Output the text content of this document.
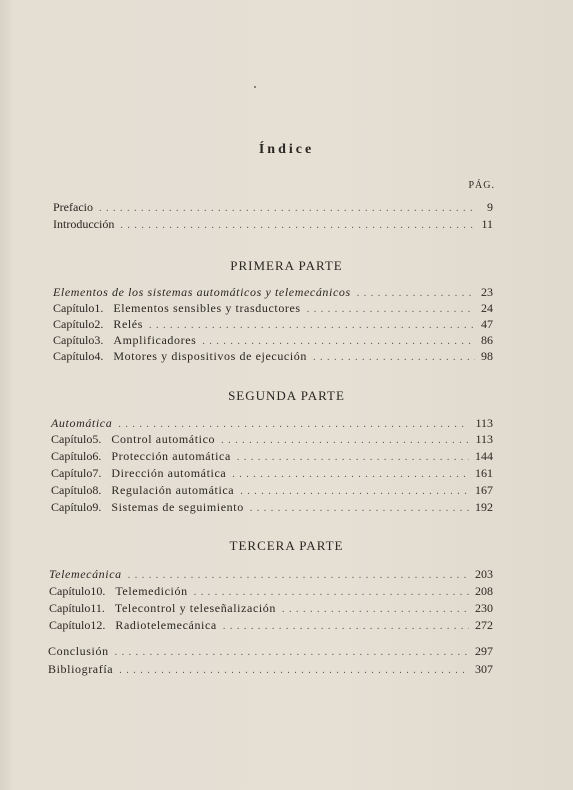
Índice
PÁG.
Prefacio . . .	9
Introducción . . .	11
PRIMERA PARTE
Elementos de los sistemas automáticos y telemecánicos . . .	23
Capítulo 1. Elementos sensibles y trasductores . . .	24
Capítulo 2. Relés . . .	47
Capítulo 3. Amplificadores . . .	86
Capítulo 4. Motores y dispositivos de ejecución . . .	98
SEGUNDA PARTE
Automática . . .	113
Capítulo 5. Control automático . . .	113
Capítulo 6. Protección automática . . .	144
Capítulo 7. Dirección automática . . .	161
Capítulo 8. Regulación automática . . .	167
Capítulo 9. Sistemas de seguimiento . . .	192
TERCERA PARTE
Telemecánica . . .	203
Capítulo 10. Telemedición . . .	208
Capítulo 11. Telecontrol y teleseñalización . . .	230
Capítulo 12. Radiotelemecánica . . .	272
Conclusión . . .	297
Bibliografía . . .	307
